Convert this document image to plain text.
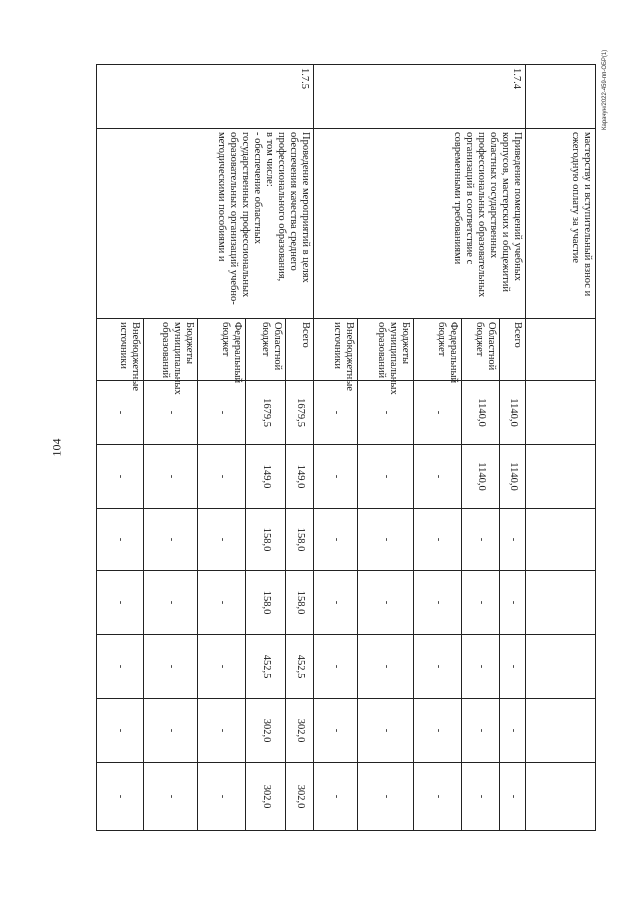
104
Карачун/2022-459-пп-ОБР(1)
	мастерству и вступительный взнос и сжегодную оплату за участие								
1.7.4	Приведение помещений учебных корпусов, мастерских и общежитий областных государственных профессиональных образовательных организаций в соответствие с современными требованиями	Всего	1140,0	1140,0	-	-	-	-	-
		Областной бюджет	1140,0	1140,0	-	-	-	-	-
		Федеральный бюджет	-	-	-	-	-	-	-
		Бюджеты муниципальных образований	-	-	-	-	-	-	-
		Внебюджетные источники	-	-	-	-	-	-	-
1.7.5	Проведение мероприятий в целях обеспечения качества среднего профессионального образования,
в том числе:
- обеспечение областных государственных профессиональных образовательных организаций учебно-методическими пособиями и	Всего	1679,5	149,0	158,0	158,0	452,5	302,0	302,0
		Областной бюджет	1679,5	149,0	158,0	158,0	452,5	302,0	302,0
		Федеральный бюджет	-	-	-	-	-	-	-
		Бюджеты муниципальных образований	-	-	-	-	-	-	-
		Внебюджетные источники	-	-	-	-	-	-	-
